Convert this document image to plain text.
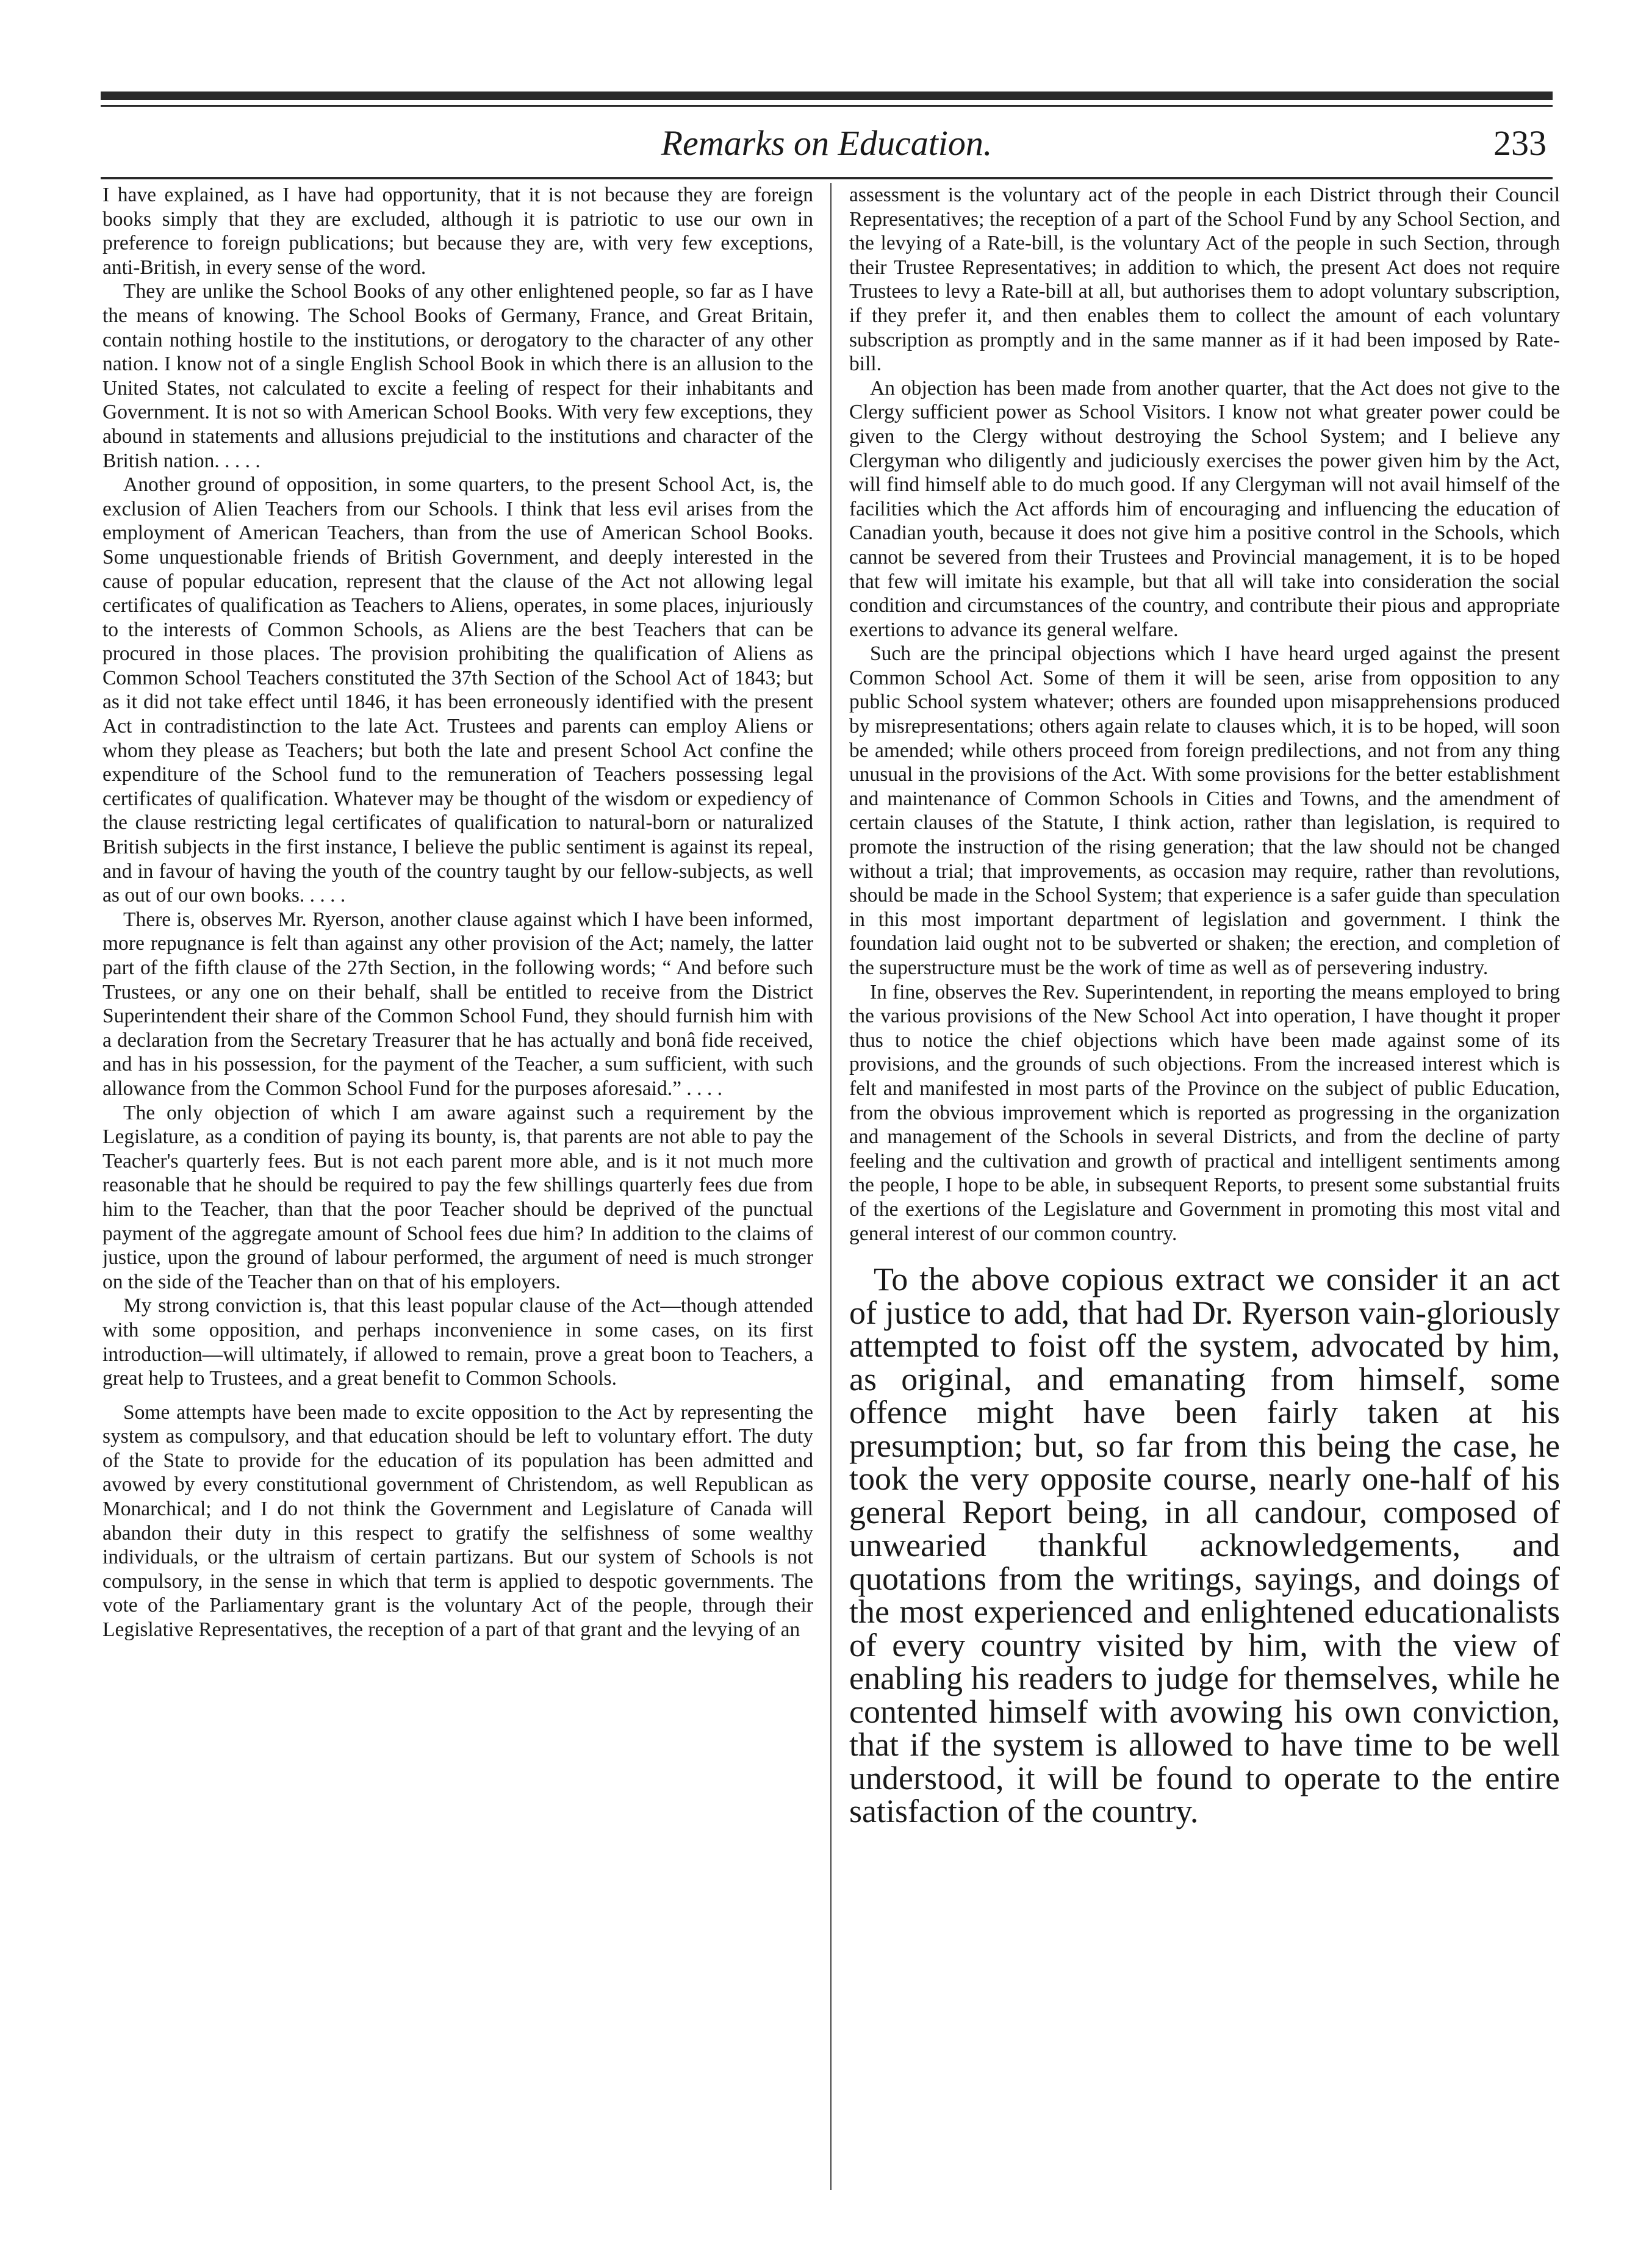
Remarks on Education.	233

I have explained, as I have had opportunity, that it is not because they are foreign books simply that they are excluded, although it is patriotic to use our own in preference to foreign publications; but because they are, with very few exceptions, anti-British, in every sense of the word.

They are unlike the School Books of any other enlightened people, so far as I have the means of knowing. The School Books of Germany, France, and Great Britain, contain nothing hostile to the institutions, or derogatory to the character of any other nation. I know not of a single English School Book in which there is an allusion to the United States, not calculated to excite a feeling of respect for their inhabitants and Government. It is not so with American School Books. With very few exceptions, they abound in statements and allusions prejudicial to the institutions and character of the British nation. . . . .

Another ground of opposition, in some quarters, to the present School Act, is, the exclusion of Alien Teachers from our Schools. I think that less evil arises from the employment of American Teachers, than from the use of American School Books. Some unquestionable friends of British Government, and deeply interested in the cause of popular education, represent that the clause of the Act not allowing legal certificates of qualification as Teachers to Aliens, operates, in some places, injuriously to the interests of Common Schools, as Aliens are the best Teachers that can be procured in those places. The provision prohibiting the qualification of Aliens as Common School Teachers constituted the 37th Section of the School Act of 1843; but as it did not take effect until 1846, it has been erroneously identified with the present Act in contradistinction to the late Act. Trustees and parents can employ Aliens or whom they please as Teachers; but both the late and present School Act confine the expenditure of the School fund to the remuneration of Teachers possessing legal certificates of qualification. Whatever may be thought of the wisdom or expediency of the clause restricting legal certificates of qualification to natural-born or naturalized British subjects in the first instance, I believe the public sentiment is against its repeal, and in favour of having the youth of the country taught by our fellow-subjects, as well as out of our own books. . . . .

There is, observes Mr. Ryerson, another clause against which I have been informed, more repugnance is felt than against any other provision of the Act; namely, the latter part of the fifth clause of the 27th Section, in the following words; “ And before such Trustees, or any one on their behalf, shall be entitled to receive from the District Superintendent their share of the Common School Fund, they should furnish him with a declaration from the Secretary Treasurer that he has actually and bonâ fide received, and has in his possession, for the payment of the Teacher, a sum sufficient, with such allowance from the Common School Fund for the purposes aforesaid.” . . . .

The only objection of which I am aware against such a requirement by the Legislature, as a condition of paying its bounty, is, that parents are not able to pay the Teacher's quarterly fees. But is not each parent more able, and is it not much more reasonable that he should be required to pay the few shillings quarterly fees due from him to the Teacher, than that the poor Teacher should be deprived of the punctual payment of the aggregate amount of School fees due him? In addition to the claims of justice, upon the ground of labour performed, the argument of need is much stronger on the side of the Teacher than on that of his employers.

My strong conviction is, that this least popular clause of the Act—though attended with some opposition, and perhaps inconvenience in some cases, on its first introduction—will ultimately, if allowed to remain, prove a great boon to Teachers, a great help to Trustees, and a great benefit to Common Schools.

Some attempts have been made to excite opposition to the Act by representing the system as compulsory, and that education should be left to voluntary effort. The duty of the State to provide for the education of its population has been admitted and avowed by every constitutional government of Christendom, as well Republican as Monarchical; and I do not think the Government and Legislature of Canada will abandon their duty in this respect to gratify the selfishness of some wealthy individuals, or the ultraism of certain partizans. But our system of Schools is not compulsory, in the sense in which that term is applied to despotic governments. The vote of the Parliamentary grant is the voluntary Act of the people, through their Legislative Representatives, the reception of a part of that grant and the levying of an

assessment is the voluntary act of the people in each District through their Council Representatives; the reception of a part of the School Fund by any School Section, and the levying of a Rate-bill, is the voluntary Act of the people in such Section, through their Trustee Representatives; in addition to which, the present Act does not require Trustees to levy a Rate-bill at all, but authorises them to adopt voluntary subscription, if they prefer it, and then enables them to collect the amount of each voluntary subscription as promptly and in the same manner as if it had been imposed by Rate-bill.

An objection has been made from another quarter, that the Act does not give to the Clergy sufficient power as School Visitors. I know not what greater power could be given to the Clergy without destroying the School System; and I believe any Clergyman who diligently and judiciously exercises the power given him by the Act, will find himself able to do much good. If any Clergyman will not avail himself of the facilities which the Act affords him of encouraging and influencing the education of Canadian youth, because it does not give him a positive control in the Schools, which cannot be severed from their Trustees and Provincial management, it is to be hoped that few will imitate his example, but that all will take into consideration the social condition and circumstances of the country, and contribute their pious and appropriate exertions to advance its general welfare.

Such are the principal objections which I have heard urged against the present Common School Act. Some of them it will be seen, arise from opposition to any public School system whatever; others are founded upon misapprehensions produced by misrepresentations; others again relate to clauses which, it is to be hoped, will soon be amended; while others proceed from foreign predilections, and not from any thing unusual in the provisions of the Act. With some provisions for the better establishment and maintenance of Common Schools in Cities and Towns, and the amendment of certain clauses of the Statute, I think action, rather than legislation, is required to promote the instruction of the rising generation; that the law should not be changed without a trial; that improvements, as occasion may require, rather than revolutions, should be made in the School System; that experience is a safer guide than speculation in this most important department of legislation and government. I think the foundation laid ought not to be subverted or shaken; the erection, and completion of the superstructure must be the work of time as well as of persevering industry.

In fine, observes the Rev. Superintendent, in reporting the means employed to bring the various provisions of the New School Act into operation, I have thought it proper thus to notice the chief objections which have been made against some of its provisions, and the grounds of such objections. From the increased interest which is felt and manifested in most parts of the Province on the subject of public Education, from the obvious improvement which is reported as progressing in the organization and management of the Schools in several Districts, and from the decline of party feeling and the cultivation and growth of practical and intelligent sentiments among the people, I hope to be able, in subsequent Reports, to present some substantial fruits of the exertions of the Legislature and Government in promoting this most vital and general interest of our common country.

To the above copious extract we consider it an act of justice to add, that had Dr. Ryerson vain-gloriously attempted to foist off the system, advocated by him, as original, and emanating from himself, some offence might have been fairly taken at his presumption; but, so far from this being the case, he took the very opposite course, nearly one-half of his general Report being, in all candour, composed of unwearied thankful acknowledgements, and quotations from the writings, sayings, and doings of the most experienced and enlightened educationalists of every country visited by him, with the view of enabling his readers to judge for themselves, while he contented himself with avowing his own conviction, that if the system is allowed to have time to be well understood, it will be found to operate to the entire satisfaction of the country.
